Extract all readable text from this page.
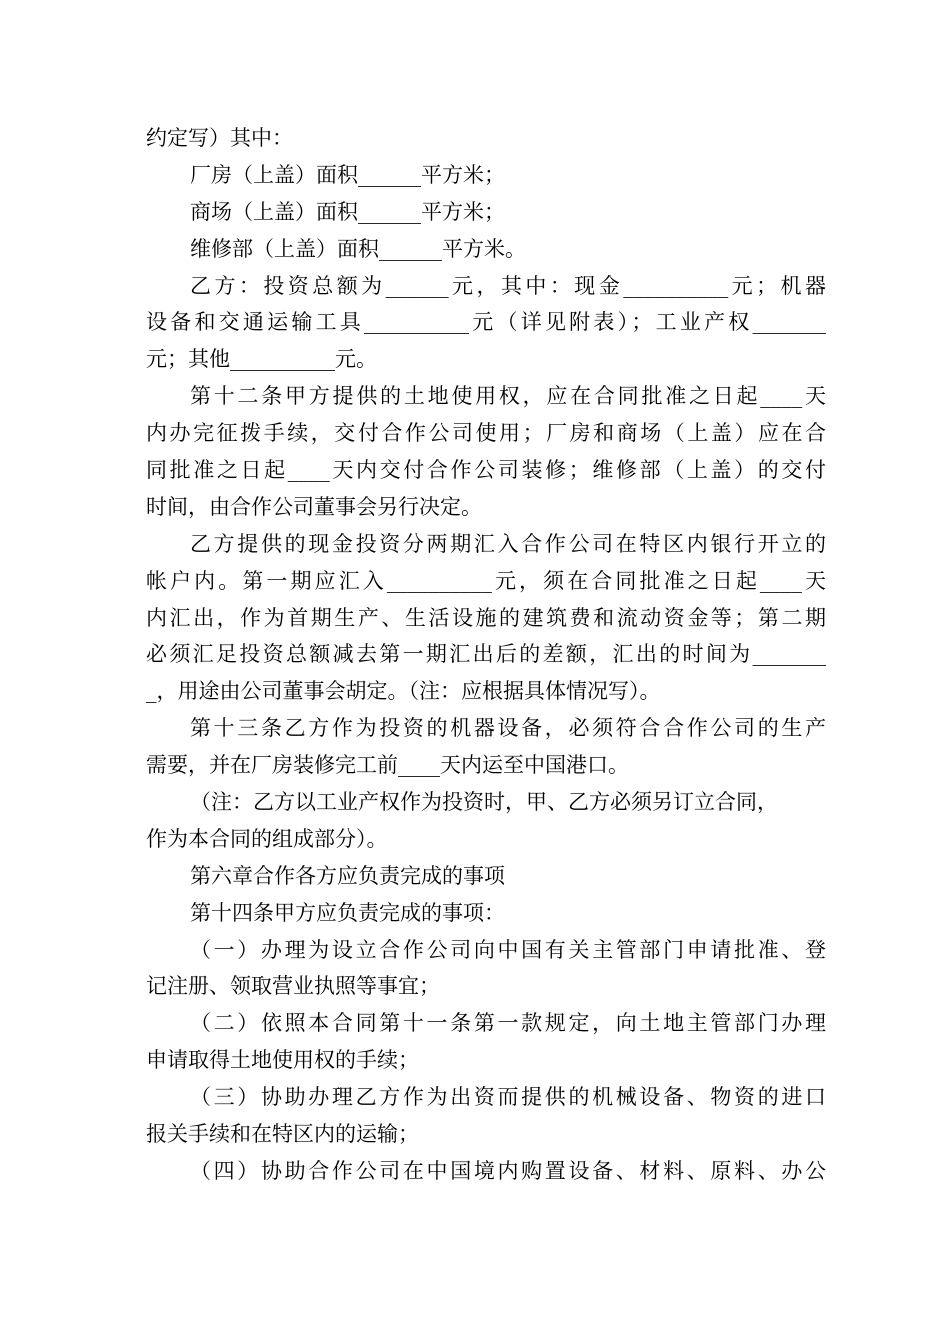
约定写）其中：
厂房（上盖）面积______平方米；
商场（上盖）面积______平方米；
维修部（上盖）面积______平方米。
乙方：投资总额为______元，其中：现金__________元；机器
设备和交通运输工具__________元（详见附表）；工业产权_______
元；其他__________元。
第十二条甲方提供的土地使用权，应在合同批准之日起____天
内办完征拨手续，交付合作公司使用；厂房和商场（上盖）应在合
同批准之日起____天内交付合作公司装修；维修部（上盖）的交付
时间，由合作公司董事会另行决定。
乙方提供的现金投资分两期汇入合作公司在特区内银行开立的
帐户内。第一期应汇入__________元，须在合同批准之日起____天
内汇出，作为首期生产、生活设施的建筑费和流动资金等；第二期
必须汇足投资总额减去第一期汇出后的差额，汇出的时间为_______
_，用途由公司董事会胡定。（注：应根据具体情况写）。
第十三条乙方作为投资的机器设备，必须符合合作公司的生产
需要，并在厂房装修完工前____天内运至中国港口。
（注：乙方以工业产权作为投资时，甲、乙方必须另订立合同，
作为本合同的组成部分）。
第六章合作各方应负责完成的事项
第十四条甲方应负责完成的事项：
（一）办理为设立合作公司向中国有关主管部门申请批准、登
记注册、领取营业执照等事宜；
（二）依照本合同第十一条第一款规定，向土地主管部门办理
申请取得土地使用权的手续；
（三）协助办理乙方作为出资而提供的机械设备、物资的进口
报关手续和在特区内的运输；
（四）协助合作公司在中国境内购置设备、材料、原料、办公
